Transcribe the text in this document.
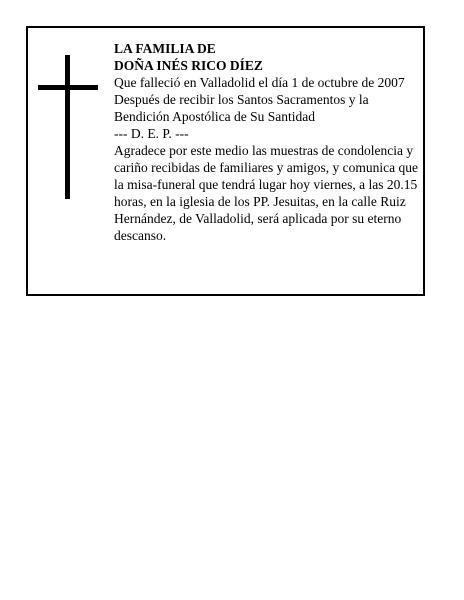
LA FAMILIA DE

DOÑA INÉS RICO DÍEZ

Que falleció en Valladolid el día 1 de octubre de 2007

Después de recibir los Santos Sacramentos y la Bendición Apostólica de Su Santidad

--- D. E. P. ---

Agradece por este medio las muestras de condolencia y cariño recibidas de familiares y amigos, y comunica que la misa-funeral que tendrá lugar hoy viernes, a las 20.15 horas, en la iglesia de los PP. Jesuitas, en la calle Ruiz Hernández, de Valladolid, será aplicada por su eterno descanso.
